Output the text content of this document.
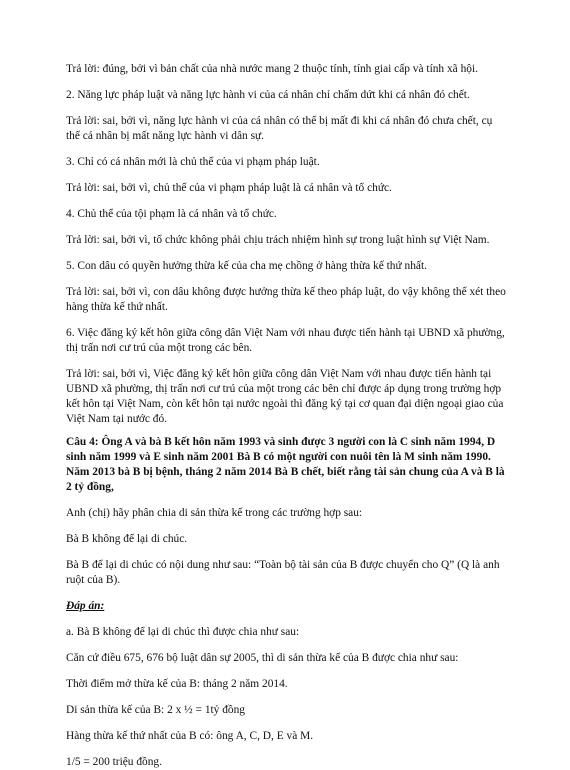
Trả lời: đúng, bởi vì bản chất của nhà nước mang 2 thuộc tính, tính giai cấp và tính xã hội.

2. Năng lực pháp luật và năng lực hành vi của cá nhân chỉ chấm dứt khi cá nhân đó chết.

Trả lời: sai, bởi vì, năng lực hành vi của cá nhân có thể bị mất đi khi cá nhân đó chưa chết, cụ thể cá nhân bị mất năng lực hành vi dân sự.

3. Chỉ có cá nhân mới là chủ thể của vi phạm pháp luật.

Trả lời: sai, bởi vì, chủ thể của vi phạm pháp luật là cá nhân và tổ chức.

4. Chủ thể của tội phạm là cá nhân và tổ chức.

Trả lời: sai, bởi vì, tổ chức không phải chịu trách nhiệm hình sự trong luật hình sự Việt Nam.

5. Con dâu có quyền hưởng thừa kế của cha mẹ chồng ở hàng thừa kế thứ nhất.

Trả lời: sai, bởi vì, con dâu không được hưởng thừa kế theo pháp luật, do vậy không thể xét theo hàng thừa kế thứ nhất.

6. Việc đăng ký kết hôn giữa công dân Việt Nam với nhau được tiến hành tại UBND xã phường, thị trấn nơi cư trú của một trong các bên.

Trả lời: sai, bởi vì, Việc đăng ký kết hôn giữa công dân Việt Nam với nhau được tiến hành tại UBND xã phường, thị trấn nơi cư trú của một trong các bên chỉ được áp dụng trong trường hợp kết hôn tại Việt Nam, còn kết hôn tại nước ngoài thì đăng ký tại cơ quan đại diện ngoại giao của Việt Nam tại nước đó.

Câu 4: Ông A và bà B kết hôn năm 1993 và sinh được 3 người con là C sinh năm 1994, D sinh năm 1999 và E sinh năm 2001 Bà B có một người con nuôi tên là M sinh năm 1990. Năm 2013 bà B bị bệnh, tháng 2 năm 2014 Bà B chết, biết rằng tài sản chung của A và B là 2 tỷ đồng,

Anh (chị) hãy phân chia di sản thừa kế trong các trường hợp sau:

Bà B không để lại di chúc.

Bà B để lại di chúc có nội dung như sau: “Toàn bộ tài sản của B được chuyển cho Q” (Q là anh ruột của B).

Đáp án:

a. Bà B không để lại di chúc thì được chia như sau:

Căn cứ điều 675, 676 bộ luật dân sự 2005, thì di sản thừa kế của B được chia như sau:

Thời điểm mở thừa kế của B: tháng 2 năm 2014.

Di sản thừa kế của B: 2 x ½ = 1tỷ đồng

Hàng thừa kế thứ nhất của B có: ông A, C, D, E và M.

1/5 = 200 triệu đồng.
